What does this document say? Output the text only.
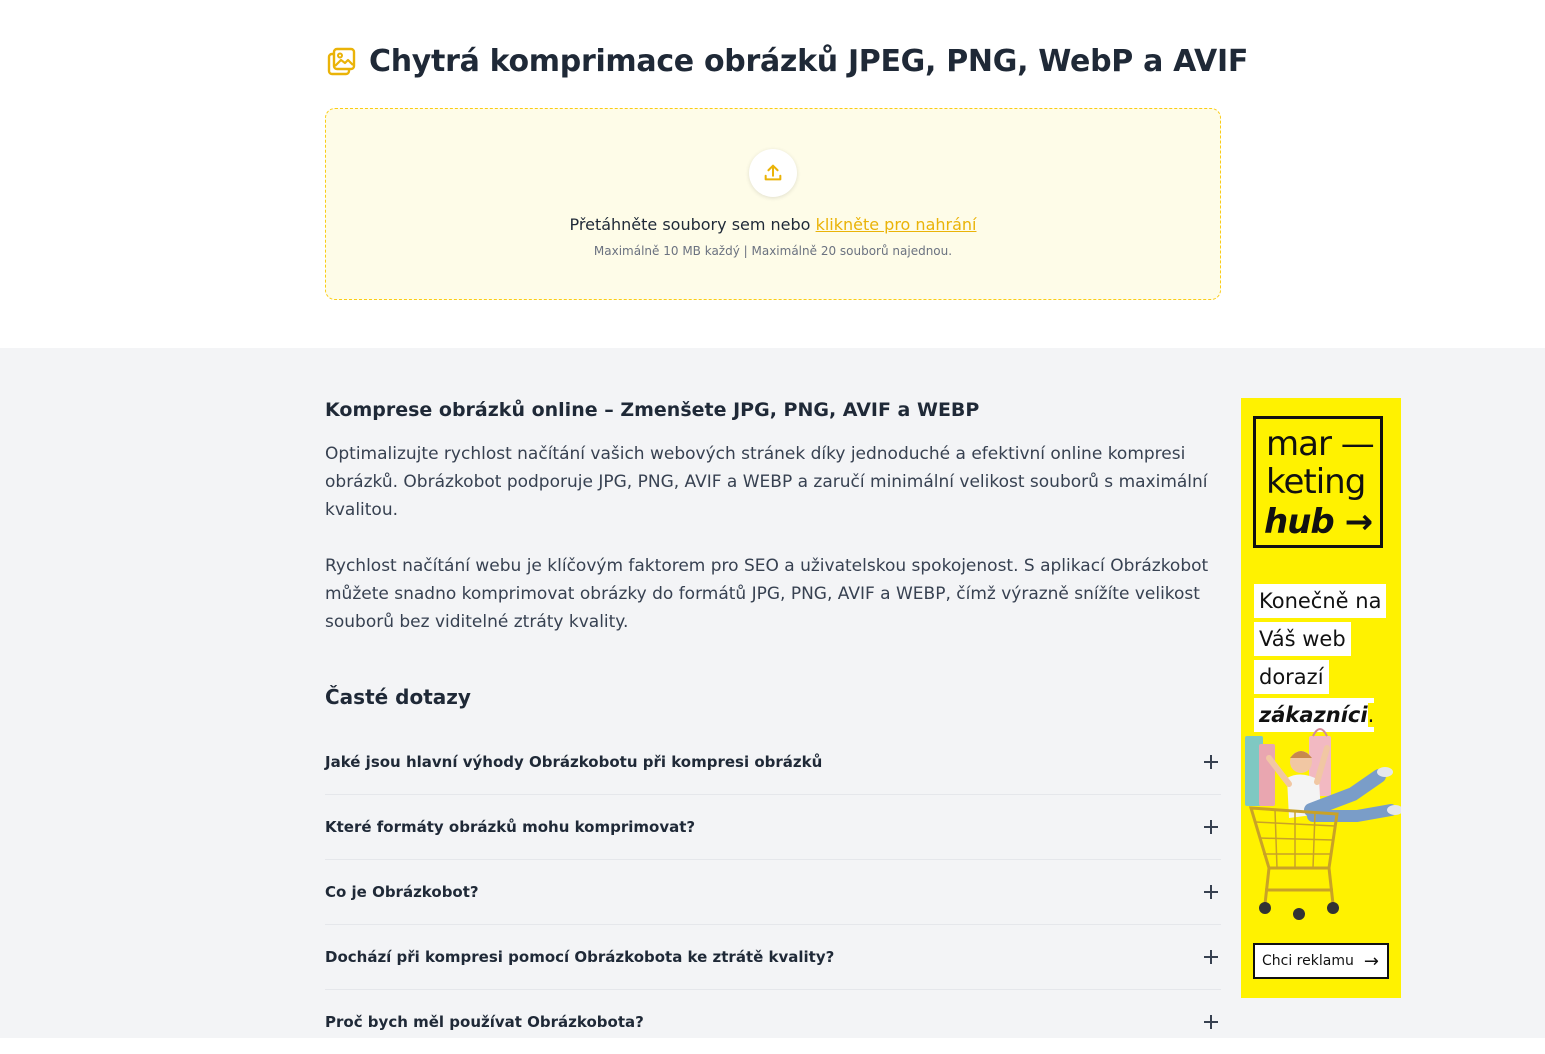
Chytrá komprimace obrázků JPEG, PNG, WebP a AVIF
Přetáhněte soubory sem nebo klikněte pro nahrání
Maximálně 10 MB každý | Maximálně 20 souborů najednou.
Komprese obrázků online – Zmenšete JPG, PNG, AVIF a WEBP

Optimalizujte rychlost načítání vašich webových stránek díky jednoduché a efektivní online kompresi obrázků. Obrázkobot podporuje JPG, PNG, AVIF a WEBP a zaručí minimální velikost souborů s maximální kvalitou.

Rychlost načítání webu je klíčovým faktorem pro SEO a uživatelskou spokojenost. S aplikací Obrázkobot můžete snadno komprimovat obrázky do formátů JPG, PNG, AVIF a WEBP, čímž výrazně snížíte velikost souborů bez viditelné ztráty kvality.

Časté dotazy
Jaké jsou hlavní výhody Obrázkobotu při kompresi obrázků
Které formáty obrázků mohu komprimovat?
Co je Obrázkobot?
Dochází při kompresi pomocí Obrázkobota ke ztrátě kvality?
Proč bych měl používat Obrázkobota?
mar —
keting
hub →
Konečně na
Váš web
dorazí
zákazníci.
Chci reklamu →
